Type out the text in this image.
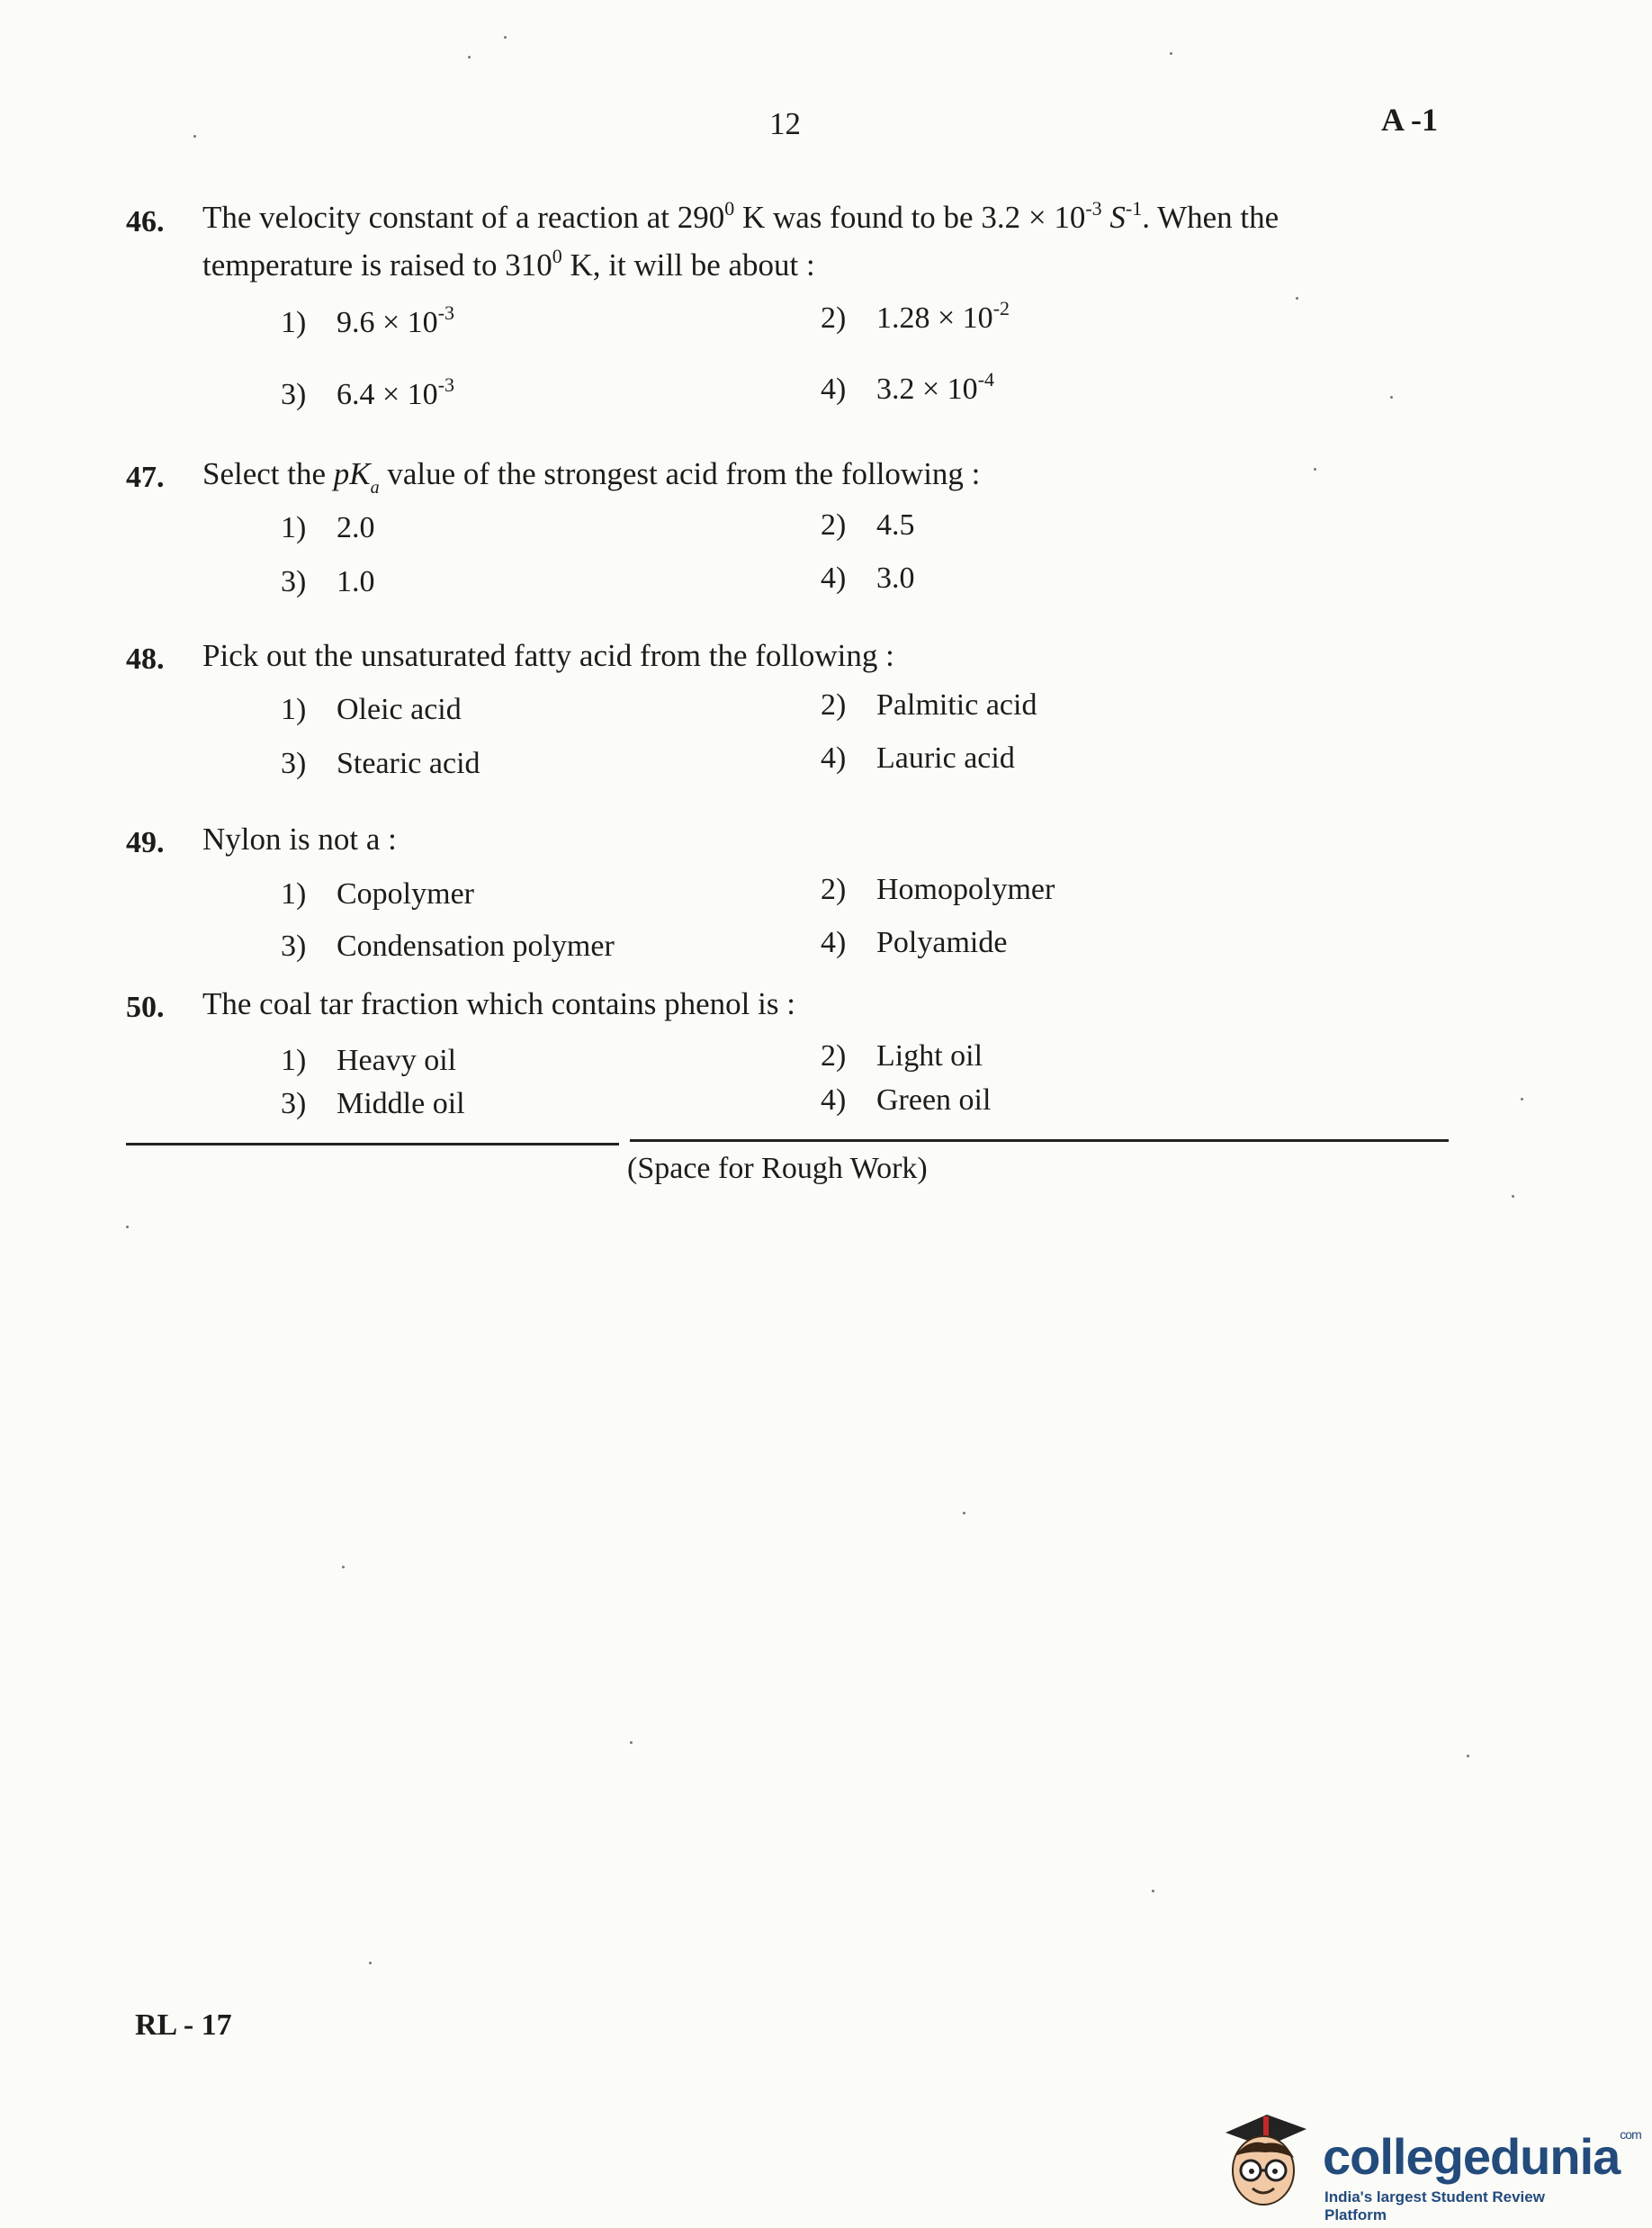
12	A -1
46. The velocity constant of a reaction at $290^0$ K was found to be $3.2 \times 10^{-3}$ $S^{-1}$. When the
temperature is raised to $310^0$ K, it will be about :
1) $9.6 \times 10^{-3}$	2) $1.28 \times 10^{-2}$
3) $6.4 \times 10^{-3}$	4) $3.2 \times 10^{-4}$
47. Select the $pK_a$ value of the strongest acid from the following :
1) 2.0	2) 4.5
3) 1.0	4) 3.0
48. Pick out the unsaturated fatty acid from the following :
1) Oleic acid	2) Palmitic acid
3) Stearic acid	4) Lauric acid
49. Nylon is not a :
1) Copolymer	2) Homopolymer
3) Condensation polymer	4) Polyamide
50. The coal tar fraction which contains phenol is :
1) Heavy oil	2) Light oil
3) Middle oil	4) Green oil
(Space for Rough Work)
RL - 17
collegedunia$^{com}$
India's largest Student Review Platform
